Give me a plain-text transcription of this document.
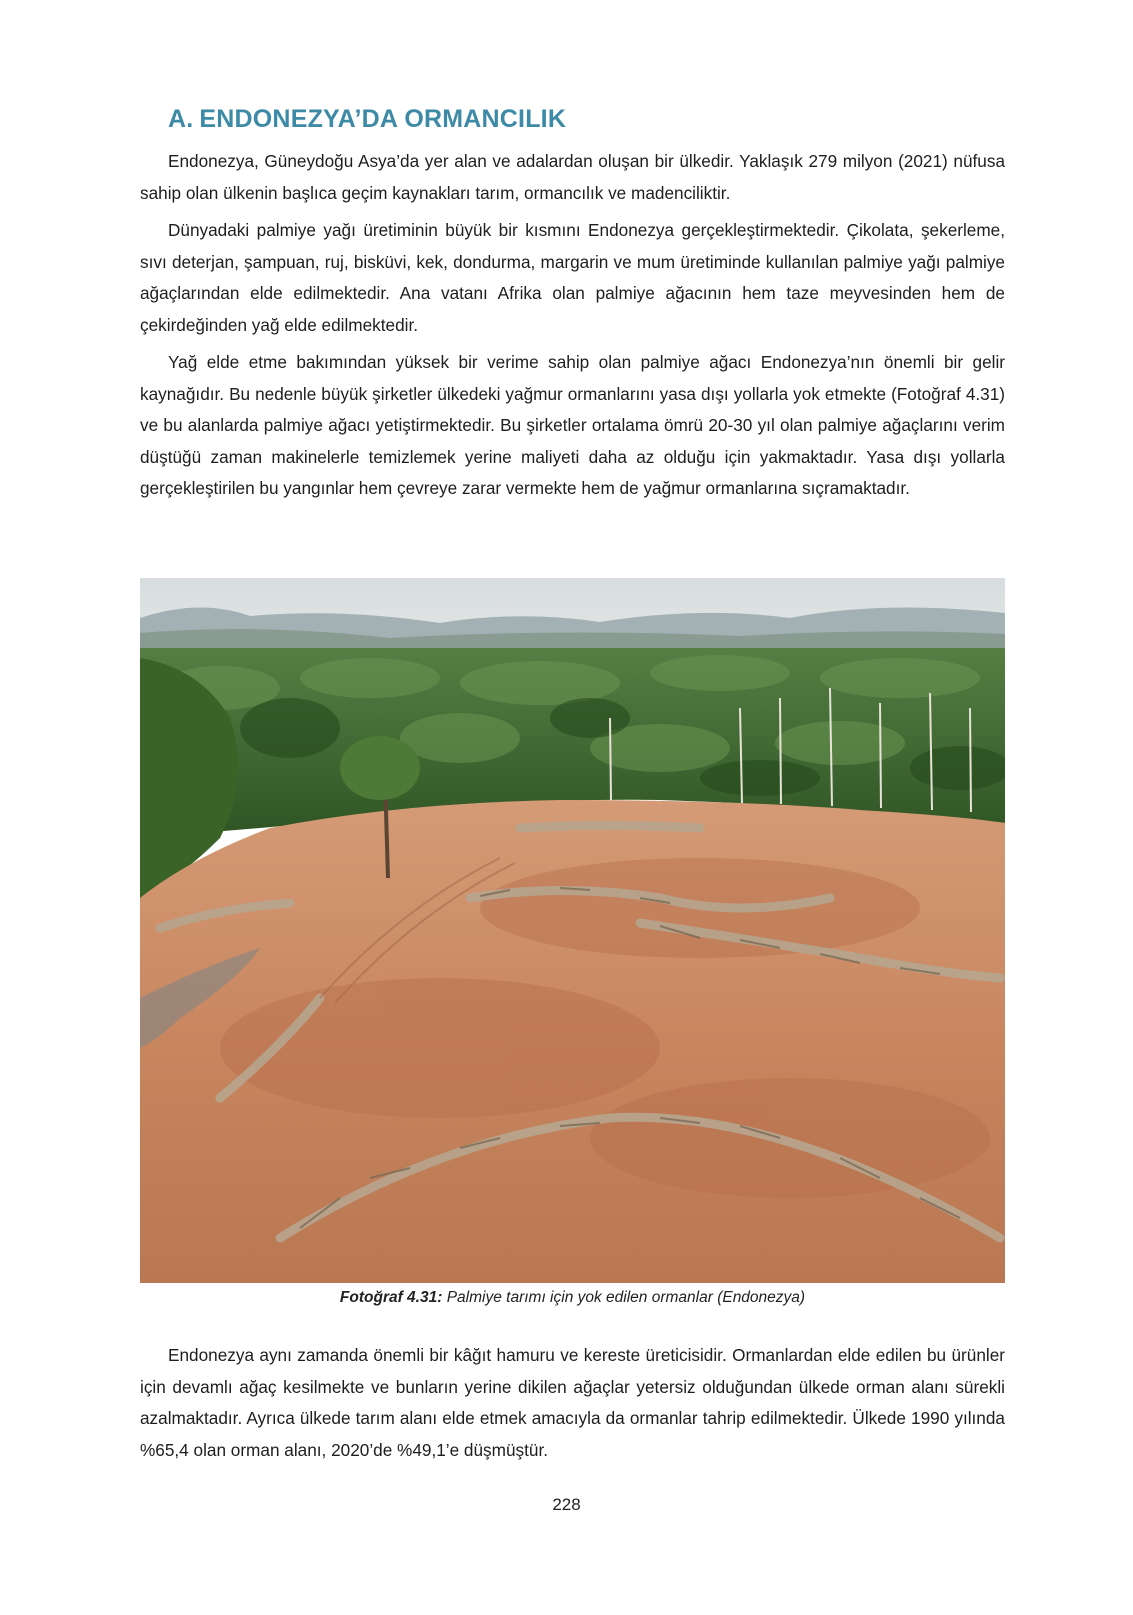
A. ENDONEZYA’DA ORMANCILIK

Endonezya, Güneydoğu Asya’da yer alan ve adalardan oluşan bir ülkedir. Yaklaşık 279 milyon (2021) nüfusa sahip olan ülkenin başlıca geçim kaynakları tarım, ormancılık ve madenciliktir.

Dünyadaki palmiye yağı üretiminin büyük bir kısmını Endonezya gerçekleştirmektedir. Çikolata, şekerleme, sıvı deterjan, şampuan, ruj, bisküvi, kek, dondurma, margarin ve mum üretiminde kullanılan palmiye yağı palmiye ağaçlarından elde edilmektedir. Ana vatanı Afrika olan palmiye ağacının hem taze meyvesinden hem de çekirdeğinden yağ elde edilmektedir.

Yağ elde etme bakımından yüksek bir verime sahip olan palmiye ağacı Endonezya’nın önemli bir gelir kaynağıdır. Bu nedenle büyük şirketler ülkedeki yağmur ormanlarını yasa dışı yollarla yok etmekte (Fotoğraf 4.31) ve bu alanlarda palmiye ağacı yetiştirmektedir. Bu şirketler ortalama ömrü 20-30 yıl olan palmiye ağaçlarını verim düştüğü zaman makinelerle temizlemek yerine maliyeti daha az olduğu için yakmaktadır. Yasa dışı yollarla gerçekleştirilen bu yangınlar hem çevreye zarar vermekte hem de yağmur ormanlarına sıçramaktadır.

Fotoğraf 4.31: Palmiye tarımı için yok edilen ormanlar (Endonezya)

Endonezya aynı zamanda önemli bir kâğıt hamuru ve kereste üreticisidir. Ormanlardan elde edilen bu ürünler için devamlı ağaç kesilmekte ve bunların yerine dikilen ağaçlar yetersiz olduğundan ülkede orman alanı sürekli azalmaktadır. Ayrıca ülkede tarım alanı elde etmek amacıyla da ormanlar tahrip edilmektedir. Ülkede 1990 yılında %65,4 olan orman alanı, 2020’de %49,1’e düşmüştür.

228
